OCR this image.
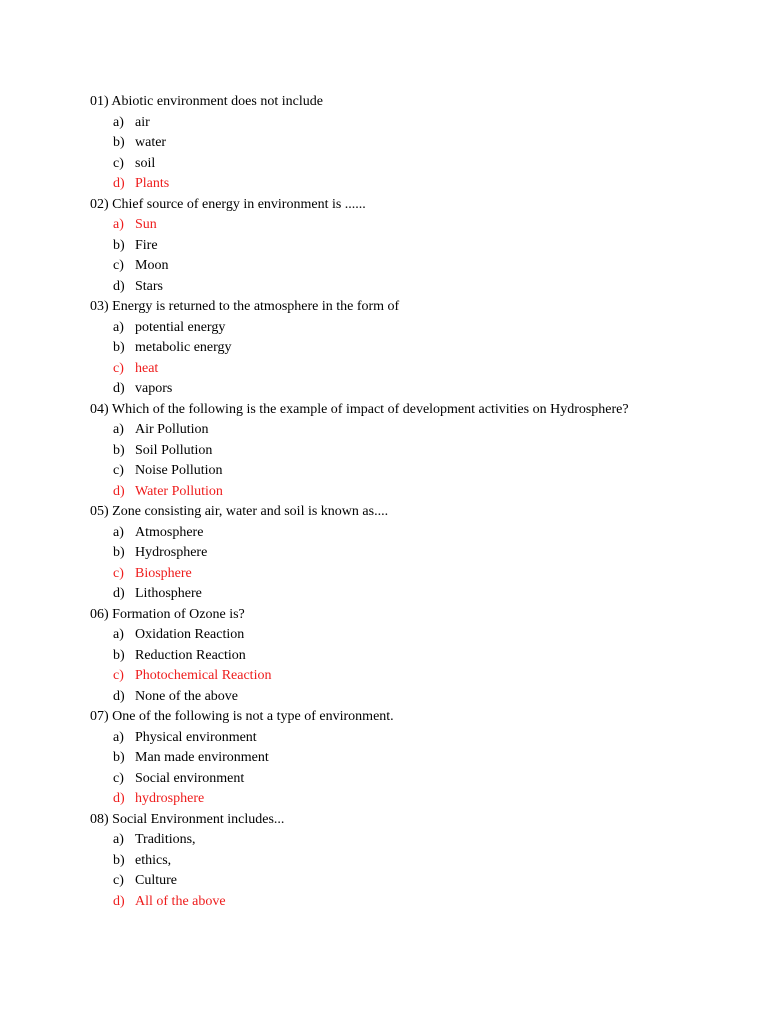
01) Abiotic environment does not include
a) air
b) water
c) soil
d) Plants
02) Chief source of energy in environment is ......
a) Sun
b) Fire
c) Moon
d) Stars
03) Energy is returned to the atmosphere in the form of
a) potential energy
b) metabolic energy
c) heat
d) vapors
04) Which of the following is the example of impact of development activities on Hydrosphere?
a) Air Pollution
b) Soil Pollution
c) Noise Pollution
d) Water Pollution
05) Zone consisting air, water and soil is known as....
a) Atmosphere
b) Hydrosphere
c) Biosphere
d) Lithosphere
06) Formation of Ozone is?
a) Oxidation Reaction
b) Reduction Reaction
c) Photochemical Reaction
d) None of the above
07) One of the following is not a type of environment.
a) Physical environment
b) Man made environment
c) Social environment
d) hydrosphere
08) Social Environment includes...
a) Traditions,
b) ethics,
c) Culture
d) All of the above
